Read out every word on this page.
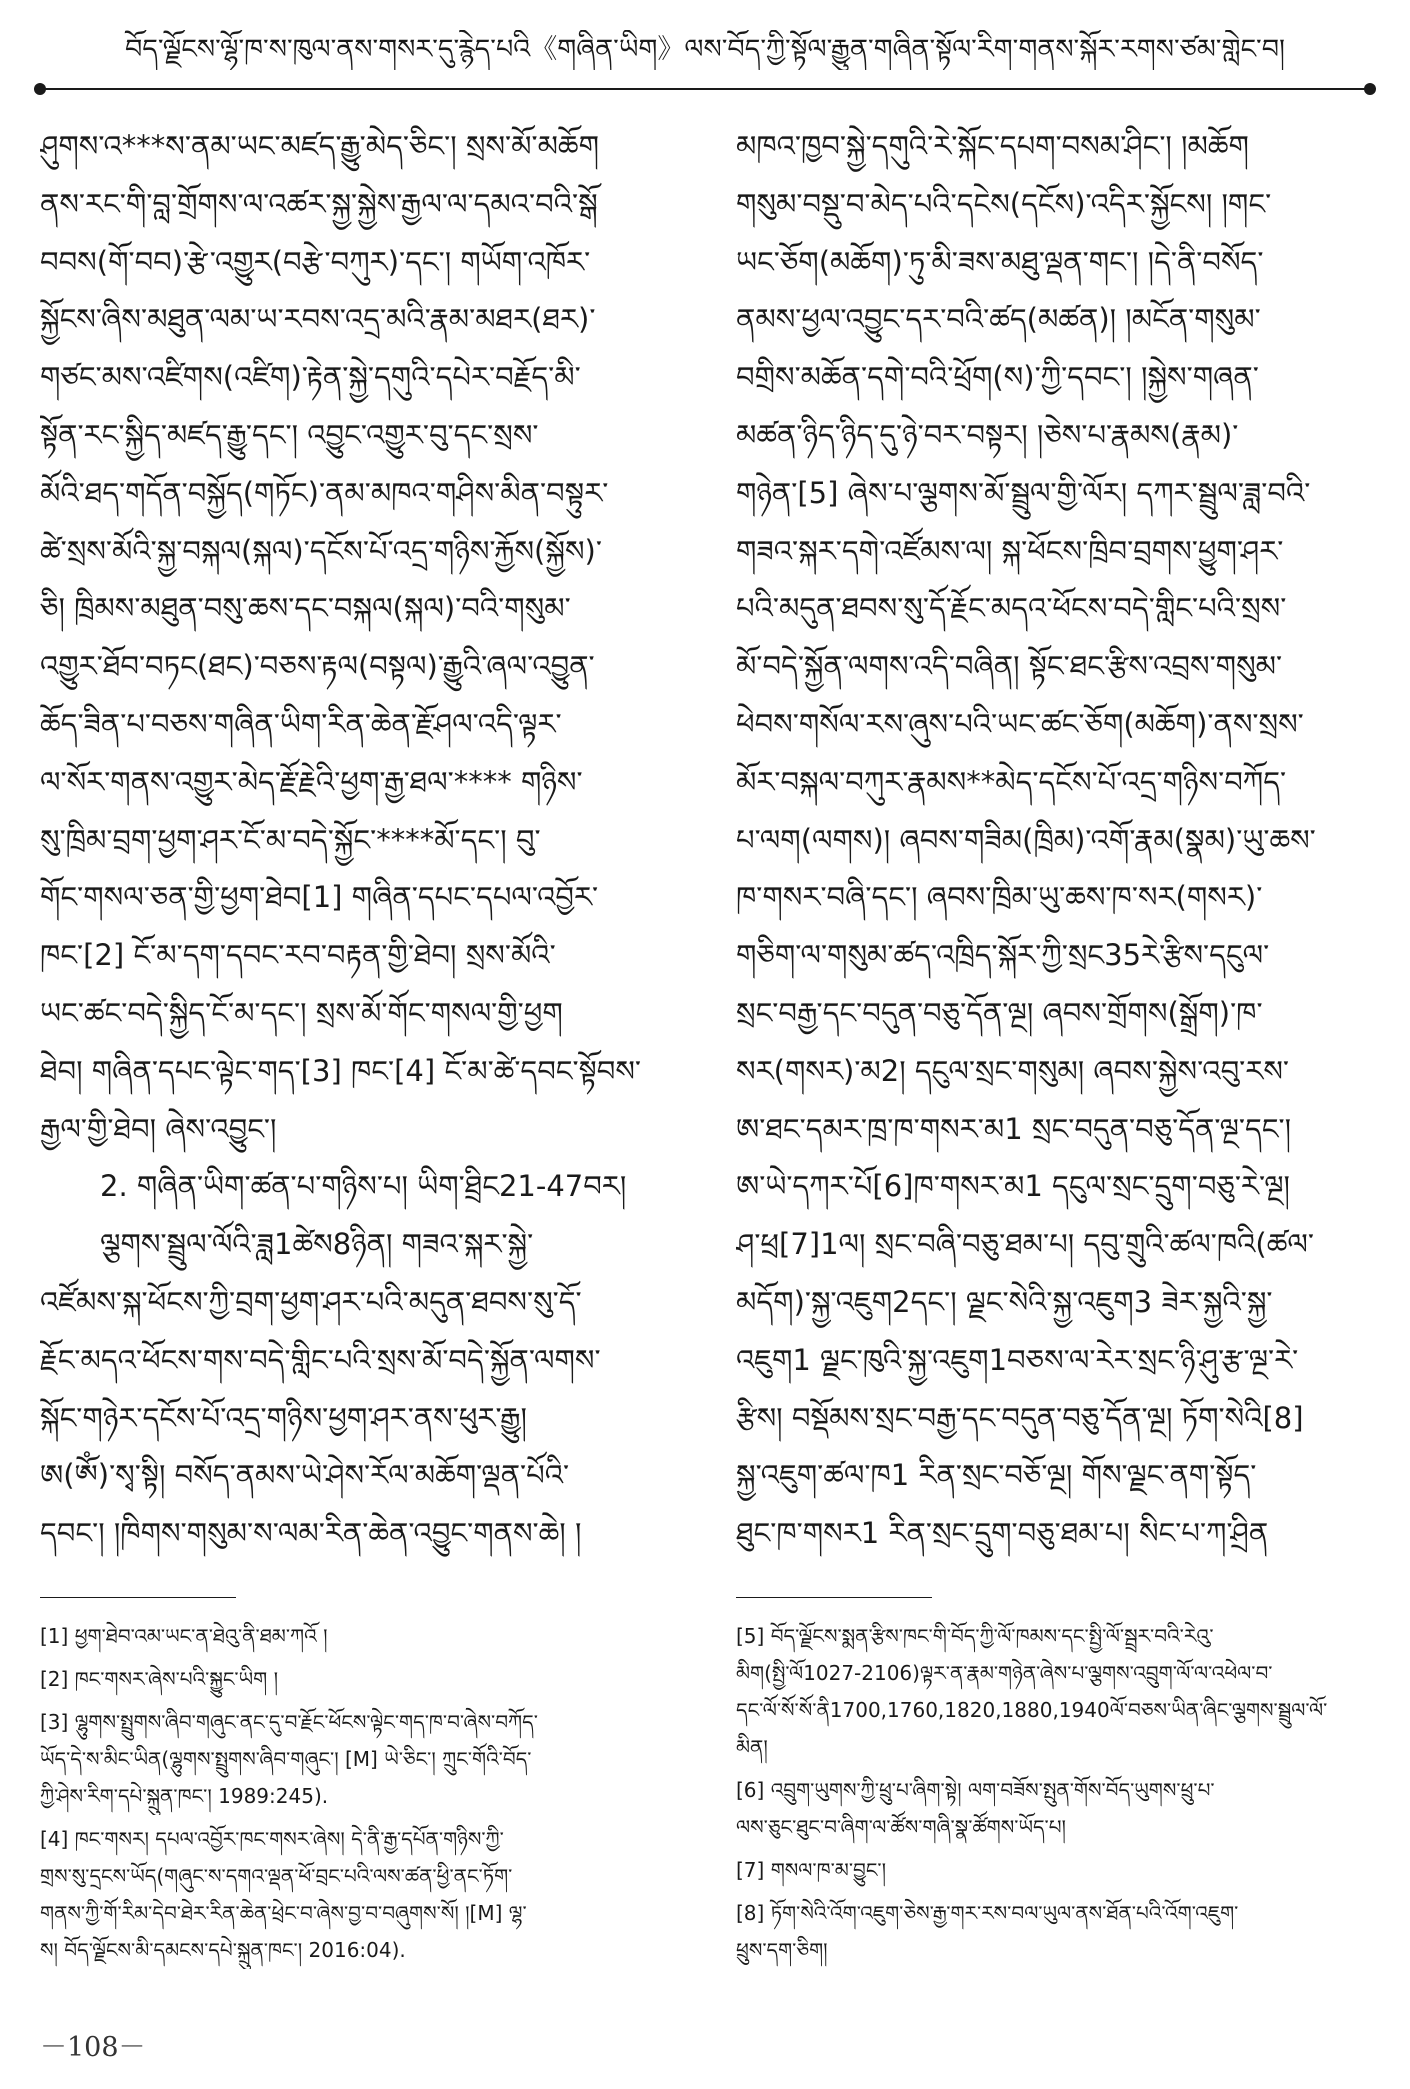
བོད་ལྗོངས་ལྷོ་ཁ་ས་ཁུལ་ནས་གསར་དུ་རྙེད་པའི《གཞིན་ཡིག》ལས་བོད་ཀྱི་སྟོལ་རྒྱུན་གཞིན་སྟོལ་རིག་གནས་སྐོར་རགས་ཙམ་གླེང་བ།
ཤུགས་འ***ས་ནམ་ཡང་མཛད་རྒྱུ་མེད་ཅིང་། སྲས་མོ་མཆོག
ནས་རང་གི་བླ་གྲོགས་ལ་འཚར་སྐྱ་སྐྱེས་རྒྱལ་ལ་དམའ་བའི་སྒོ
བབས(གོ་བབ)་རྩེ་འགྱུར(བརྩེ་བཀུར)་དང་། གཡོག་འཁོར་
སྐྱོངས་ཞིས་མཐུན་ལམ་ཡ་རབས་འདྲ་མའི་རྣམ་མཐར(ཐར)་
གཙང་མས་འཛིགས(འཛིག)་རྟེན་སྐྱེ་དགུའི་དཔེར་བརྗོད་མི་
སྟོན་རང་སྐྱིད་མཛད་རྒྱུ་དང་། འབྱུང་འགྱུར་བུ་དང་སྲས་
མོའི་ཐད་གདོན་བསྐྱོད(གཏོང)་ནམ་མཁའ་གཤིས་མིན་བསྟུར་
ཚེ་སྲས་མོའི་སྐྱ་བསྐལ(སྐལ)་དངོས་པོ་འདྲ་གཉིས་རྐྱོས(སྐྱོས)་
ཅི། ཁྲིམས་མཐུན་བསུ་ཆས་དང་བསྐལ(སྐལ)་བའི་གསུམ་
འགྱུར་ཐོབ་བཏང(ཐང)་བཅས་རྟལ(བསྟལ)་རྒྱུའི་ཞལ་འབྱུན་
ཆོད་ཟིན་པ་བཅས་གཞིན་ཡིག་རིན་ཆེན་རྗོ་ཤལ་འདི་ལྟར་
ལ་སོར་གནས་འགྱུར་མེད་རྗོ་རྗེའི་ཕྱག་རྒྱ་ཐལ་**** གཉིས་
སུ་ཁྲིམ་བྲག་ཕྱག་ཤར་ངོ་མ་བདེ་སྐྱོང་****མོ་དང་། བུ་
གོང་གསལ་ཅན་གྱི་ཕྱག་ཐེབ[1] གཞིན་དཔང་དཔལ་འབྱོར་
ཁང་[2] ངོ་མ་དག་དབང་རབ་བརྟན་གྱི་ཐེབ། སྲས་མོའི་
ཡང་ཚང་བདེ་སྐྱིད་ངོ་མ་དང་། སྲས་མོ་གོང་གསལ་གྱི་ཕྱག
ཐེབ། གཞིན་དཔང་ལྟེང་གད་[3] ཁང་[4] ངོ་མ་ཚེ་དབང་སྟོབས་
རྒྱལ་གྱི་ཐེབ། ཞེས་འབྱུང་།
2. གཞིན་ཡིག་ཚན་པ་གཉིས་པ། ཡིག་ཐྲིང21-47བར།
ལྕགས་སྦྲུལ་ལོའི་ཟླ1ཚེས8ཉིན། གཟའ་སྐར་སྐྱེ་
འཛོམས་སྐ་ཕོངས་ཀྱི་བྲག་ཕྱག་ཤར་པའི་མདུན་ཐབས་སུ་དོ་
རྗོང་མདའ་ཕོངས་གས་བདེ་གླིང་པའི་སྲས་མོ་བདེ་སྐྱོན་ལགས་
སྐོང་གཉེར་དངོས་པོ་འདྲ་གཉིས་ཕྱག་ཤར་ནས་ཕུར་རྒྱུ།
ཨ(ཨོཾ)་སྭ་སྟི། བསོད་ནམས་ཡེ་ཤེས་རོལ་མཆོག་ལྡན་པོའི་
དབང་། །ཁིགས་གསུམ་ས་ལམ་རིན་ཆེན་འབྱུང་གནས་ཆེ། །
མཁའ་ཁྱབ་སྐྱེ་དགུའི་རེ་སྐོང་དཔག་བསམ་ཤིང་། །མཆོག
གསུམ་བསྡུ་བ་མེད་པའི་དངེས(དངོས)་འདིར་སྐྱོངས། །གང་
ཡང་ཅོག(མཆོག)་ཏུ་མི་ཟས་མཐུ་ལྡན་གང་། །དེ་ནི་བསོད་
ནམས་ཕྱལ་འབྱུང་དར་བའི་ཚད(མཚན)། །མངོན་གསུམ་
བགྲིས་མཆོན་དགེ་བའི་ཕྲོག(ས)་ཀྱི་དབང་། །སྐྱེས་གཞན་
མཚན་ཉིད་ཉིད་དུ་ཉེ་བར་བསྟར། །ཅེས་པ་རྣམས(རྣམ)་
གཉེན་[5] ཞེས་པ་ལྕགས་མོ་སྦྲུལ་གྱི་ལོར། དཀར་སྦྲུལ་ཟླ་བའི་
གཟའ་སྐར་དགེ་འཛོམས་ལ། སྐ་ཕོངས་ཁྲིབ་བྲགས་ཕྱུག་ཤར་
པའི་མདུན་ཐབས་སུ་དོ་རྗོང་མདའ་ཕོངས་བདེ་གླིང་པའི་སྲས་
མོ་བདེ་སྐྱོན་ལགས་འདི་བཞིན། སྟོང་ཐང་རྩིས་འབྲས་གསུམ་
ཕེབས་གསོལ་རས་ཞུས་པའི་ཡང་ཚང་ཅོག(མཆོག)་ནས་སྲས་
མོར་བསྐལ་བཀུར་རྣམས**མེད་དངོས་པོ་འདྲ་གཉིས་བཀོད་
པ་ལག(ལགས)། ཞབས་གཟིམ(ཁྲིམ)་འགོ་རྣམ(སྣམ)་ཡུ་ཆས་
ཁ་གསར་བཞི་དང་། ཞབས་ཁྲིམ་ཡུ་ཆས་ཁ་སར(གསར)་
གཅིག་ལ་གསུམ་ཚད་འཁྲིད་སྐོར་ཀྱི་སྲང35རེ་རྩིས་དངུལ་
སྲང་བརྒྱ་དང་བདུན་བཅུ་དོན་ལྔ། ཞབས་གྲོགས(སྒྲོག)་ཁ་
སར(གསར)་མ2། དངུལ་སྲང་གསུམ། ཞབས་སྐྱེས་འབུ་རས་
ཨ་ཐང་དམར་ཁྲ་ཁ་གསར་མ1 སྲང་བདུན་བཅུ་དོན་ལྔ་དང་།
ཨ་ཡེ་དཀར་པོ[6]ཁ་གསར་མ1 དངུལ་སྲང་དྲུག་བཅུ་རེ་ལྔ།
ཤ་ཕྲ[7]1ལ། སྲང་བཞི་བཅུ་ཐམ་པ། དབུ་གྲུའི་ཚལ་ཁའི(ཚལ་
མདོག)་སྐྱ་འཇུག2དང་། ལྗང་སེའི་སྐྱ་འཇུག3 ཟེར་སྐྱའི་སྐྱ་
འཇུག1 ལྗང་ཁུའི་སྐྱ་འཇུག1བཅས་ལ་རེར་སྲང་ཉི་ཤུ་རྩ་ལྔ་རེ་
རྩིས། བསྡོམས་སྲང་བརྒྱ་དང་བདུན་བཅུ་དོན་ལྔ། ཏོག་སེའི[8]
སྐྱ་འཇུག་ཚལ་ཁ1 རིན་སྲང་བཅོ་ལྔ། གོས་ལྗང་ནག་སྟོད་
ཐུང་ཁ་གསར1 རིན་སྲང་དྲུག་བཅུ་ཐམ་པ། སིང་པ་ཀ་ཤྲིན
[1] ཕྱག་ཐེབ་འམ་ཡང་ན་ཐེའུ་ནི་ཐམ་ཀའོ །
[2] ཁང་གསར་ཞེས་པའི་སྐྱུང་ཡིག །
[3] ལྷུགས་སྤྲུགས་ཞིབ་གཞུང་ནང་དུ་བ་རྗོང་ཕོངས་ལྟེང་གད་ཁ་བ་ཞེས་བཀོད་
ཡོད་དེ་ས་མིང་ཡིན(ལྷུགས་སྤྲུགས་ཞིབ་གཞུང་། [M] ཡེ་ཅིང་། ཀྲུང་གོའི་བོད་
ཀྱི་ཤེས་རིག་དཔེ་སྐྲུན་ཁང་། 1989:245).
[4] ཁང་གསར། དཔལ་འབྱོར་ཁང་གསར་ཞེས། དེ་ནི་རྒྱ་དཔོན་གཉིས་ཀྱི་
གྲས་སུ་དྲངས་ཡོད(གཞུང་ས་དགའ་ལྡན་ཕོ་བྲང་པའི་ལས་ཚན་ཕྱི་ནང་ཏོག་
གནས་ཀྱི་གོ་རིམ་དེབ་ཐེར་རིན་ཆེན་ཕྲེང་བ་ཞེས་བྱ་བ་བཞུགས་སོ། །[M] ལྷ་
ས། བོད་ལྗོངས་མི་དམངས་དཔེ་སྐྲུན་ཁང་། 2016:04).
[5] བོད་ལྗོངས་སྨན་རྩིས་ཁང་གི་བོད་ཀྱི་ལོ་ཁམས་དང་སྤྱི་ལོ་སྦྲར་བའི་རེའུ་
མིག(སྤྱི་ལོ1027-2106)ལྟར་ན་རྣམ་གཉེན་ཞེས་པ་ལྕགས་འབྲུག་ལོ་ལ་འཕེལ་བ་
དང་ལོ་སོ་སོ་ནི1700,1760,1820,1880,1940ལོ་བཅས་ཡིན་ཞིང་ལྕགས་སྦྲུལ་ལོ་
མིན།
[6] འབྲུག་ཡུགས་ཀྱི་ཕྲུ་པ་ཞིག་སྟེ། ལག་བཟོས་སྤུན་གོས་བོད་ཡུགས་ཕྲུ་པ་
ལས་ཅུང་ཐུང་བ་ཞིག་ལ་ཚོས་གཞི་སྣ་ཚོགས་ཡོད་པ།
[7] གསལ་ཁ་མ་བྱུང་།
[8] ཏོག་སེའི་འོག་འཇུག་ཅེས་རྒྱ་གར་རས་བལ་ཡུལ་ནས་ཐོན་པའི་འོག་འཇུག་
ཕྲུས་དག་ཅིག།
－108－
